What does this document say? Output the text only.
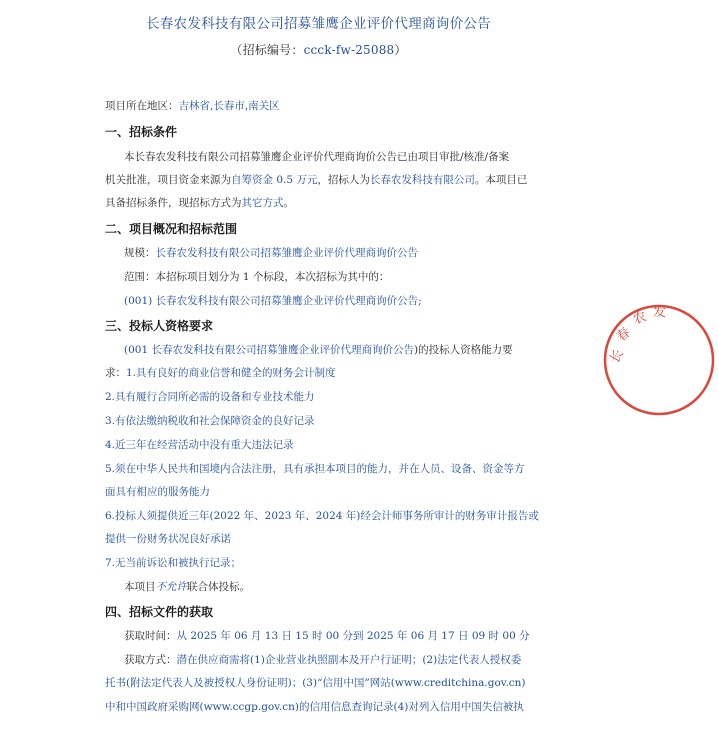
长春农发科技有限公司招募雏鹰企业评价代理商询价公告
（招标编号：ccck-fw-25088）
项目所在地区：吉林省,长春市,南关区
一、招标条件
本长春农发科技有限公司招募雏鹰企业评价代理商询价公告已由项目审批/核准/备案
机关批准，项目资金来源为自筹资金 0.5 万元，招标人为长春农发科技有限公司。本项目已
具备招标条件，现招标方式为其它方式。
二、项目概况和招标范围
规模：长春农发科技有限公司招募雏鹰企业评价代理商询价公告
范围：本招标项目划分为 1 个标段，本次招标为其中的：
(001) 长春农发科技有限公司招募雏鹰企业评价代理商询价公告;
三、投标人资格要求
(001 长春农发科技有限公司招募雏鹰企业评价代理商询价公告)的投标人资格能力要
求：1.具有良好的商业信誉和健全的财务会计制度
2.具有履行合同所必需的设备和专业技术能力
3.有依法缴纳税收和社会保障资金的良好记录
4.近三年在经营活动中没有重大违法记录
5.须在中华人民共和国境内合法注册，具有承担本项目的能力，并在人员、设备、资金等方
面具有相应的服务能力
6.投标人须提供近三年(2022 年、2023 年、2024 年)经会计师事务所审计的财务审计报告或
提供一份财务状况良好承诺
7.无当前诉讼和被执行记录；
本项目不允许联合体投标。
四、招标文件的获取
获取时间：从 2025 年 06 月 13 日 15 时 00 分到 2025 年 06 月 17 日 09 时 00 分
获取方式：潜在供应商需将(1)企业营业执照副本及开户行证明；(2)法定代表人授权委
托书(附法定代表人及被授权人身份证明)；(3)“信用中国”网站(www.creditchina.gov.cn)
中和中国政府采购网(www.ccgp.gov.cn)的信用信息查询记录(4)对列入信用中国失信被执
长
春
农 发
